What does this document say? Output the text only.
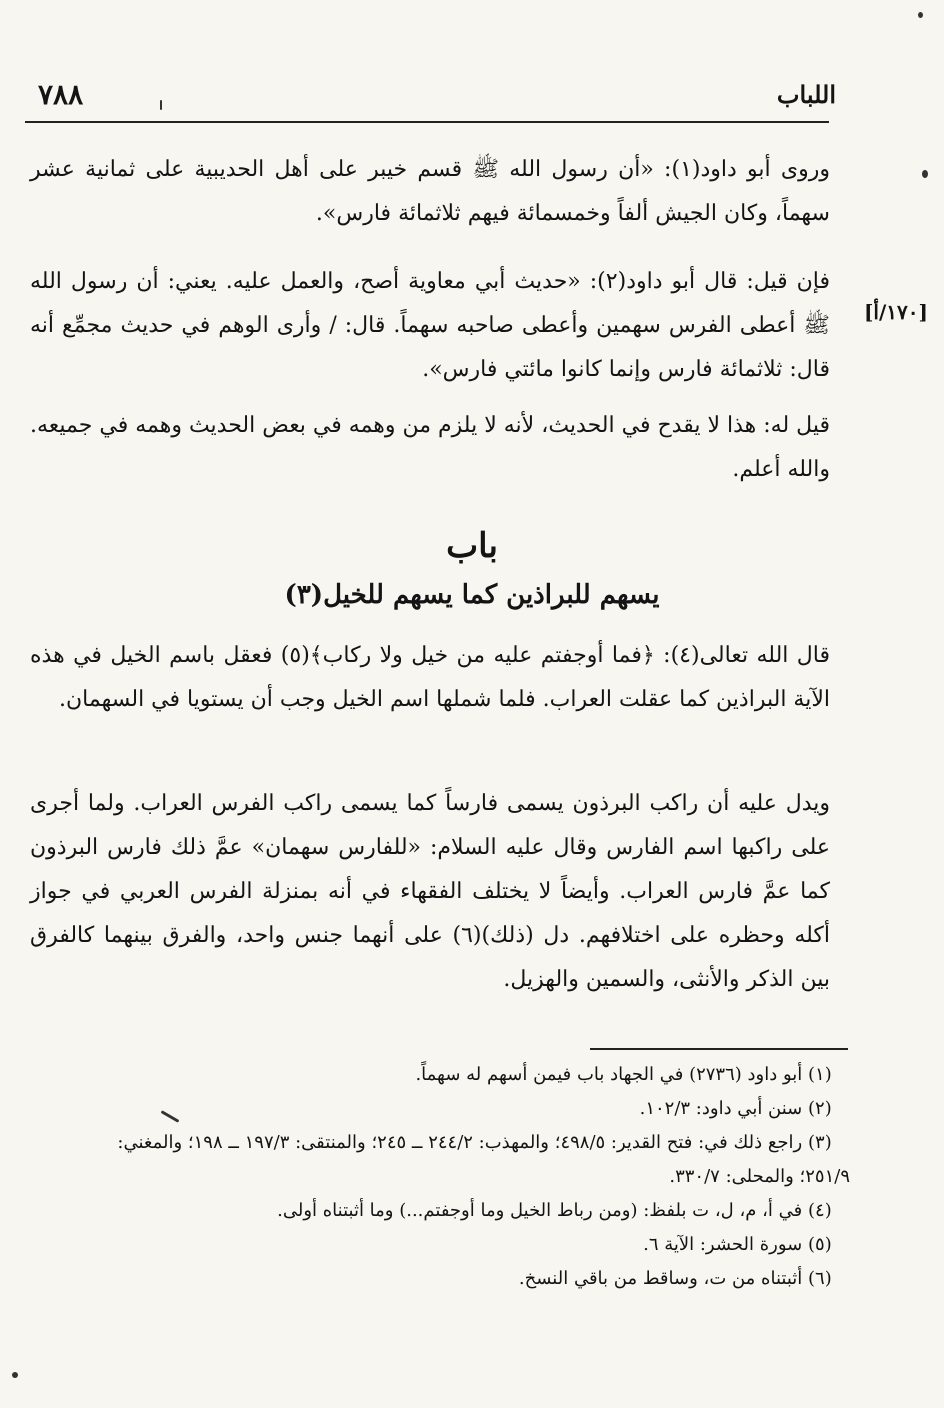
٧٨٨	اللباب
[١٧٠/أ]
وروى أبو داود(١): «أن رسول الله ﷺ قسم خيبر على أهل الحديبية على ثمانية عشر سهماً، وكان الجيش ألفاً وخمسمائة فيهم ثلاثمائة فارس».
فإن قيل: قال أبو داود(٢): «حديث أبي معاوية أصح، والعمل عليه. يعني: أن رسول الله ﷺ أعطى الفرس سهمين وأعطى صاحبه سهماً. قال: / وأرى الوهم في حديث مجمِّع أنه قال: ثلاثمائة فارس وإنما كانوا مائتي فارس».
قيل له: هذا لا يقدح في الحديث، لأنه لا يلزم من وهمه في بعض الحديث وهمه في جميعه. والله أعلم.
باب
يسهم للبراذين كما يسهم للخيل(٣)
قال الله تعالى(٤): ﴿فما أوجفتم عليه من خيل ولا ركاب﴾(٥) فعقل باسم الخيل في هذه الآية البراذين كما عقلت العراب. فلما شملها اسم الخيل وجب أن يستويا في السهمان.
ويدل عليه أن راكب البرذون يسمى فارساً كما يسمى راكب الفرس العراب. ولما أجرى على راكبها اسم الفارس وقال عليه السلام: «للفارس سهمان» عمَّ ذلك فارس البرذون كما عمَّ فارس العراب. وأيضاً لا يختلف الفقهاء في أنه بمنزلة الفرس العربي في جواز أكله وحظره على اختلافهم. دل (ذلك)(٦) على أنهما جنس واحد، والفرق بينهما كالفرق بين الذكر والأنثى، والسمين والهزيل.
(١) أبو داود (٢٧٣٦) في الجهاد باب فيمن أسهم له سهماً.
(٢) سنن أبي داود: ١٠٢/٣.
(٣) راجع ذلك في: فتح القدير: ٤٩٨/٥؛ والمهذب: ٢٤٤/٢ ــ ٢٤٥؛ والمنتقى: ١٩٧/٣ ــ ١٩٨؛ والمغني: ٢٥١/٩؛ والمحلى: ٣٣٠/٧.
(٤) في أ، م، ل، ت بلفظ: (ومن رباط الخيل وما أوجفتم...) وما أثبتناه أولى.
(٥) سورة الحشر: الآية ٦.
(٦) أثبتناه من ت، وساقط من باقي النسخ.
